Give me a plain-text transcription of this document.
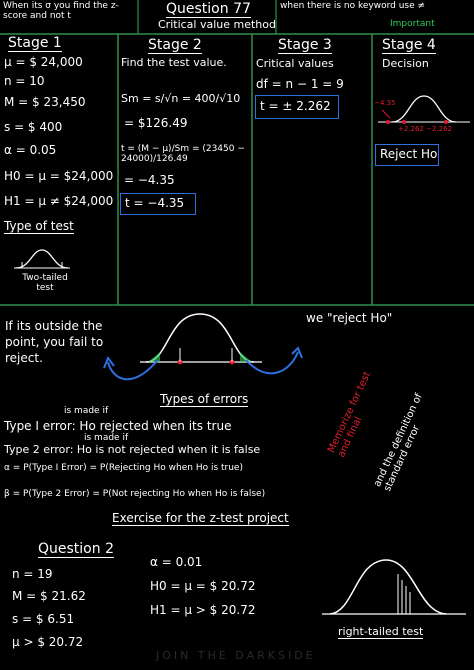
When its σ you find the z-score and not t	Question 77
Critical value method
when there is no keyword use ≠
Important
Stage 1
μ = $ 24,000
n = 10
M = $ 23,450
s = $ 400
α = 0.05
H0 = μ = $24,000
H1 = μ ≠ $24,000
Type of test
Two-tailed test
Stage 2
Find the test value.
Sm = s/√n = 400/√10
= $126.49
t = (M − μ)/Sm = (23450 − 24000)/126.49
= −4.35
t = −4.35
Stage 3
Critical values
df = n − 1 = 9
t = ± 2.262
Stage 4
Decision
−4.35
+2.262 −2.262
Reject Ho
If its outside the point, you fail to reject.
we "reject Ho"
Types of errors
is made if
Type I error: Ho rejected when its true
is made if
Type 2 error: Ho is not rejected when it is false
α = P(Type I Error) = P(Rejecting Ho when Ho is true)
β = P(Type 2 Error) = P(Not rejecting Ho when Ho is false)
Memorize for test and final and the definition of standard error
Exercise for the z-test project
Question 2
n = 19
M = $ 21.62
s = $ 6.51
μ > $ 20.72
α = 0.01
H0 = μ = $ 20.72
H1 = μ > $ 20.72
right-tailed test
JOIN THE DARKSIDE
